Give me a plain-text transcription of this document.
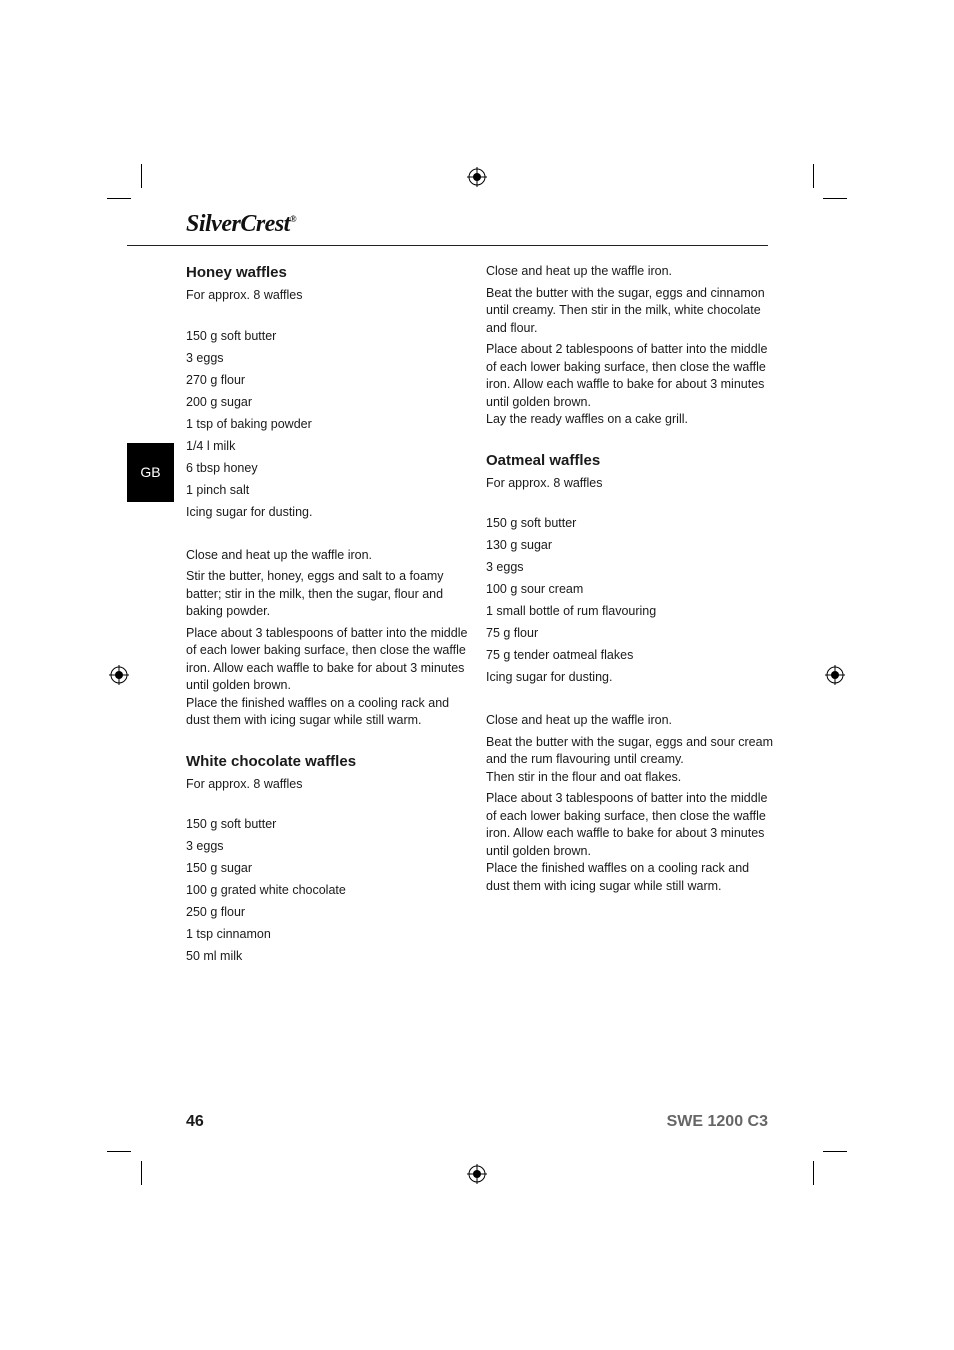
SilverCrest®
GB
Honey waffles

For approx. 8 waffles

150 g soft butter
3 eggs
270 g flour
200 g sugar
1 tsp of baking powder
1/4 l milk
6 tbsp honey
1 pinch salt
Icing sugar for dusting.

Close and heat up the waffle iron.

Stir the butter, honey, eggs and salt to a foamy batter; stir in the milk, then the sugar, flour and baking powder.

Place about 3 tablespoons of batter into the middle of each lower baking surface, then close the waffle iron. Allow each waffle to bake for about 3 minutes until golden brown.

Place the finished waffles on a cooling rack and dust them with icing sugar while still warm.

White chocolate waffles

For approx. 8 waffles

150 g soft butter
3 eggs
150 g sugar
100 g grated white chocolate
250 g flour
1 tsp cinnamon
50 ml milk

Close and heat up the waffle iron.

Beat the butter with the sugar, eggs and cinnamon until creamy. Then stir in the milk, white chocolate and flour.

Place about 2 tablespoons of batter into the middle of each lower baking surface, then close the waffle iron. Allow each waffle to bake for about 3 minutes until golden brown.

Lay the ready waffles on a cake grill.

Oatmeal waffles

For approx. 8 waffles

150 g soft butter
130 g sugar
3 eggs
100 g sour cream
1 small bottle of rum flavouring
75 g flour
75 g tender oatmeal flakes
Icing sugar for dusting.

Close and heat up the waffle iron.

Beat the butter with the sugar, eggs and sour cream and the rum flavouring until creamy.

Then stir in the flour and oat flakes.

Place about 3 tablespoons of batter into the middle of each lower baking surface, then close the waffle iron. Allow each waffle to bake for about 3 minutes until golden brown.

Place the finished waffles on a cooling rack and dust them with icing sugar while still warm.

46	SWE 1200 C3
